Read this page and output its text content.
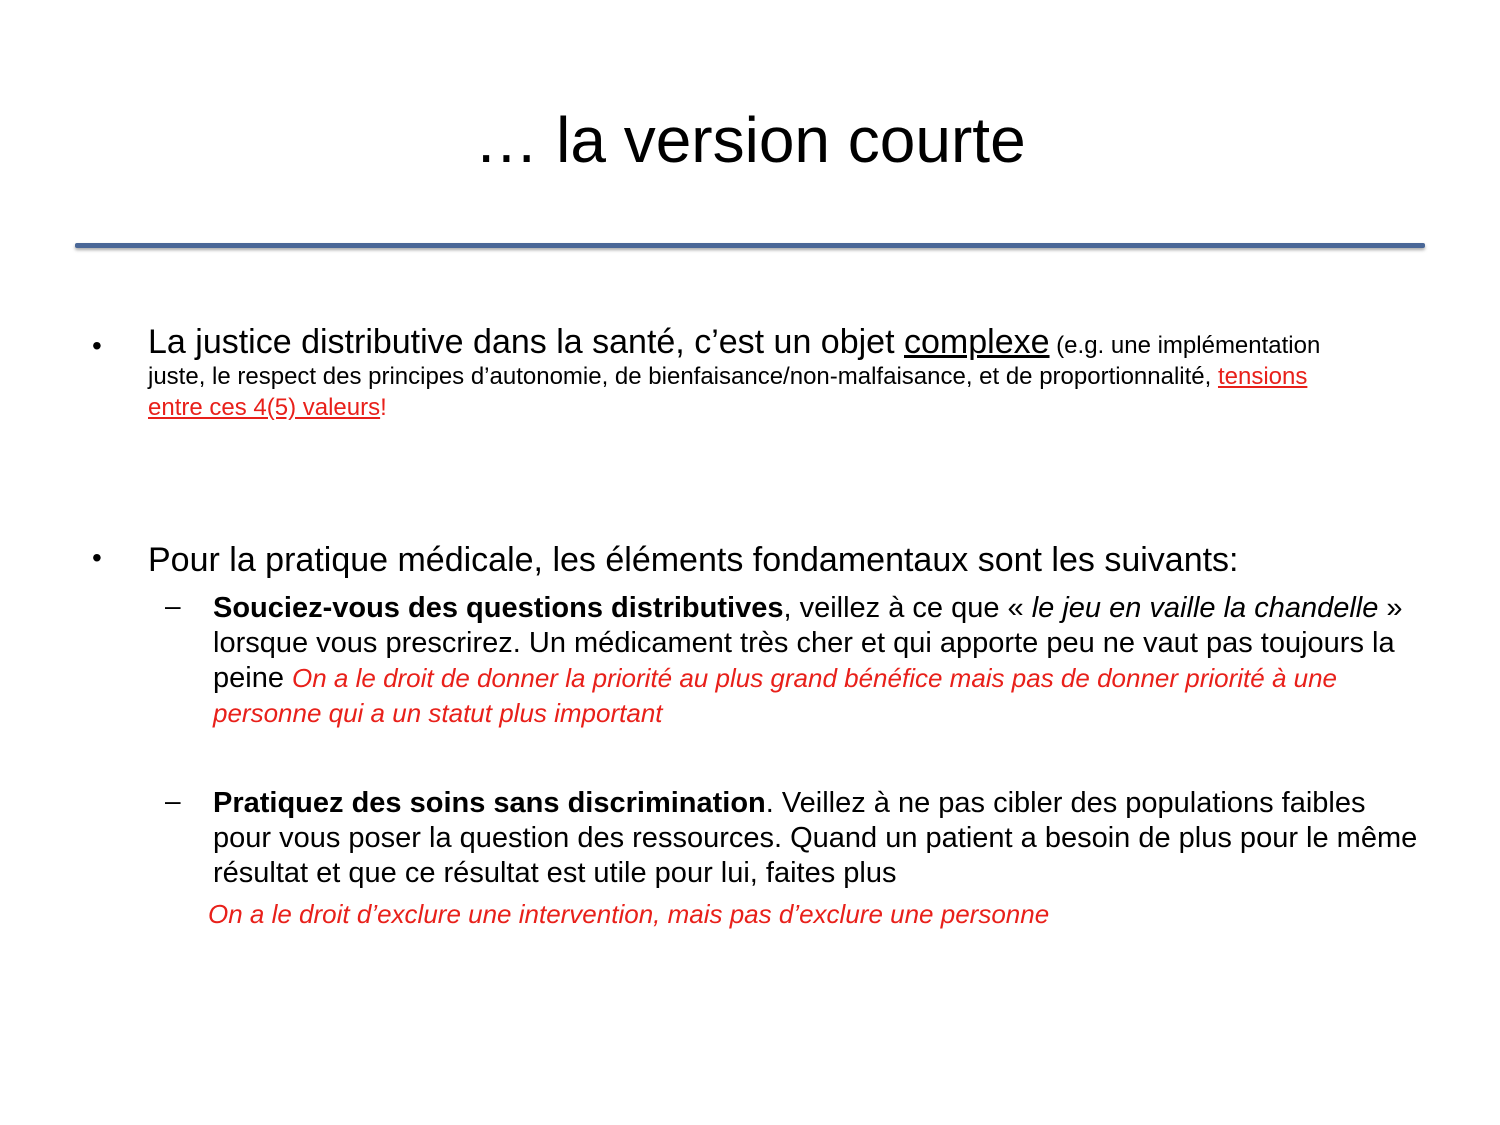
… la version courte
• La justice distributive dans la santé, c’est un objet complexe (e.g. une implémentation juste, le respect des principes d’autonomie, de bienfaisance/non-malfaisance, et de proportionnalité, tensions entre ces 4(5) valeurs!
• Pour la pratique médicale, les éléments fondamentaux sont les suivants:
– Souciez-vous des questions distributives, veillez à ce que « le jeu en vaille la chandelle » lorsque vous prescrirez. Un médicament très cher et qui apporte peu ne vaut pas toujours la peine On a le droit de donner la priorité au plus grand bénéfice mais pas de donner priorité à une personne qui a un statut plus important
– Pratiquez des soins sans discrimination. Veillez à ne pas cibler des populations faibles pour vous poser la question des ressources. Quand un patient a besoin de plus pour le même résultat et que ce résultat est utile pour lui, faites plus
On a le droit d’exclure une intervention, mais pas d’exclure une personne
